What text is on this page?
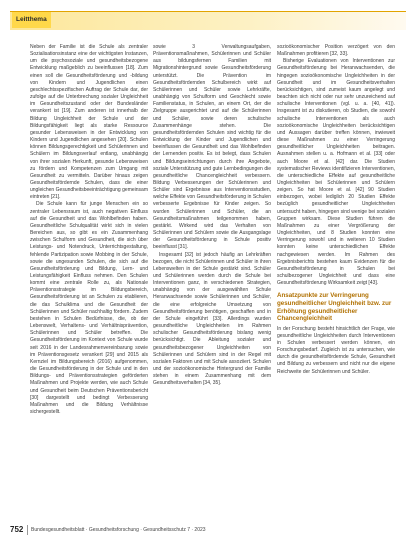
Leitthema

Neben der Familie ist die Schule als zentraler Sozialisationsinstanz eine der wichtigsten Instanzen, um die psychosoziale und gesundheitsbezogene Entwicklung maßgeblich zu beeinflussen [18]. Zum einen soll die Gesundheitsförderung und -bildung von Kindern und Jugendlichen einen geschlechtsspezifischen Auftrag der Schule dar, der zufolge auf die Unterbrechung sozialer Ungleichheit im Gesundheitszustand oder der Bundesländer verankert ist [19]. Zum anderen ist innerhalb der Bildung Ungleichheit der Schule und der Bildungsfähigkeit liegt als starke Ressource gesunder Lebensweisen in der Entwicklung von Kindern und Jugendlichen angesehen [20]. Schulen können Bildungsgerechtigkeit und Schülerinnen und Schülern im Bildungsverlauf entlang, unabhängig von ihrer sozialen Herkunft, gesunde Lebensweisen zu fördern und Kompetenzen zum Umgang mit Gesundheit zu vermitteln. Darüber hinaus zeigen Gesundheitsfördernde Schulen, dass die einer ungleichen Gesundheitsbeeinträchtigung gemeinsam eintreten [21].

Die Schule kann für junge Menschen ein so zentraler Lebensraum ist, auch negativen Einfluss auf die Gesundheit und das Wohlbefinden haben. Gesundheitliche Schulqualität wirkt sich in vielen Bereichen aus, so gibt es ein Zusammenhang zwischen Schulform und Gesundheit, die sich über Leistungs- und Notendruck, Unterrichtsgestaltung, fehlende Partizipation sowie Mobbing in der Schule, sowie die ungesunden Schulen, die sich auf die Gesundheitsförderung und Bildung, Lern- und Leistungsfähigkeit Einfluss nehmen. Den Schulen kommt eine zentrale Rolle zu, als Nationale Präventionsstrategie im Bildungsbereich, Gesundheitsförderung ist an Schulen zu etablieren, die das Schulklima und die Gesundheit der Schülerinnen und Schüler nachhaltig fördern. Zudem bestehen in Schulen Bedürfnisse, die, ob der Lebenswelt, Verhaltens- und Verhältnisprävention, Schülerinnen und Schüler betreffen. Die Gesundheitsförderung im Kontext von Schule wurde seit 2016 in der Landesrahmenvereinbarung sowie im Präventionsgesetz verankert [29] und 2015 als Kernziel im Bildungsbereich (2016) aufgenommen, die Gesundheitsförderung in der Schule und in den Bildungs- und Präventionsstrategien geförderten Maßnahmen und Projekte werden, wie auch Schule und Gesundheit beim Deutschen Präventionsbericht [30] dargestellt und bedingt Verbesserung Maßnahmen und die Bildung Verhältnisse sichergestellt.

sowie 3 Verwaltungsaufgaben, Präventionsmaßnahmen, Schülerinnen und Schüler aus bildungsfernen Familien mit Migrationshintergrund sowie Gesundheitsförderung unterstützt. Die Prävention im Gesundheitsfördernden Schulbereich wirkt auf Schülerinnen und Schüler sowie Lehrkräfte, unabhängig von Schulform und Geschlecht sowie Familienstatus, in Schulen, an einem Ort, der die Zielgruppe ausgerichtet und auf die Schülerinnen und Schüler, sowie deren schulische Zusammenhänge stehen. Die gesundheitsfördernden Schulen sind wichtig für die Entwicklung der Kinder und Jugendlichen und beeinflussen die Gesundheit und das Wohlbefinden der Lernenden positiv. Es ist belegt, dass Schulen und Bildungseinrichtungen durch ihre Angebote, soziale Unterstützung und gute Lernbedingungen die gesundheitliche Chancengleichheit verbessern. Bildung Verbesserungen der Schülerinnen und Schüler sind Ergebnisse aus Interventionsstudien, welche Effekte von Gesundheitsförderung in Schulen verbesserte Ergebnisse für Kinder zeigen. So wurden Schülerinnen und Schüler, die an Gesundheitsmaßnahmen teilgenommen haben, gestärkt. Wirkend wird das Verhalten von Schülerinnen und Schülern sowie die Ausgangslage der Gesundheitsförderung in Schule positiv beeinflusst [31].

Insgesamt [32] ist jedoch häufig an Lehrkräften bezogen, die nicht Schülerinnen und Schüler in ihren Lebenswelten in der Schule gestärkt sind. Schüler und Schülerinnen werden durch die Schule bei Interventionen ganz, in verschiedenen Strategien, unabhängig von der ausgewählten Schule Heranwachsende sowie Schülerinnen und Schüler, die eine erfolgreiche Umsetzung von Gesundheitsförderung benötigen, geschaffen und in der Schule eingeführt [33]. Allerdings wurden gesundheitliche Ungleichheiten im Rahmen schulischer Gesundheitsförderung bislang wenig berücksichtigt. Die Ableitung sozialer und gesundheitsbezogener Ungleichheiten von Schülerinnen und Schülern sind in der Regel mit sozialen Faktoren und mit Schule assoziiert. Schulen und der sozioökonomische Hintergrund der Familie stehen in einem Zusammenhang mit dem Gesundheitsverhalten [34, 35].

sozioökonomischer Position verzögert von den Maßnahmen profitieren [32, 33].

Bisherige Evaluationen von Interventionen zur Gesundheitsförderung bei Heranwachsenden, die hingegen sozioökonomische Ungleichheiten in der Gesundheit und im Gesundheitsverhalten berücksichtigen, sind zumeist kaum angelegt und beachten sich nicht oder nur sehr unzureichend auf schulische Interventionen (vgl. u. a. [40, 41]). Insgesamt ist zu diskutieren, ob Studien, die sowohl schulische Interventionen als auch sozioökonomische Ungleichheiten berücksichtigen und Aussagen darüber treffen können, inwieweit diese Maßnahmen zu einer Verringerung gesundheitlicher Ungleichheiten beitragen. Ausnahmen stellen u. a. Hofmann et al. [33] oder auch Moore et al. [42] dar. Die Studien systematischer Reviews identifizieren Interventionen, die unterschiedliche Effekte auf gesundheitliche Ungleichheiten bei Schülerinnen und Schülern zeigen. So hat Moore et al. [42] 90 Studien einbezogen, wobei lediglich 20 Studien Effekte bezüglich gesundheitlicher Ungleichheiten untersucht haben, hingegen sind wenige bei sozialen Gruppen wirksam. Diese Studien führen die Maßnahmen zu einer Vergrößerung der Ungleichheiten, und 8 Studien konnten eine Verringerung sowohl und in weiteren 10 Studien konnten keine unterschiedlichen Effekte nachgewiesen werden. Im Rahmen des Ergebnisberichts bestehen kaum Evidenzen für die Gesundheitsförderung in Schulen bei schulbezogener Ungleichheit und dass eine Gesundheitsförderung Wirksamkeit zeigt [43].

Ansatzpunkte zur Verringerung gesundheitlicher Ungleichheit bzw. zur Erhöhung gesundheitlicher Chancengleichheit

In der Forschung besteht hinsichtlich der Frage, wie gesundheitliche Ungleichheiten durch Interventionen in Schulen verbessert werden können, ein Forschungsbedarf. Zugleich ist zu untersuchen, wie durch die gesundheitsfördernde Schule, Gesundheit und Bildung zu verbessern und nicht nur die eigene Reichweite der Schülerinnen und Schüler.

752 Bundesgesundheitsblatt · Gesundheitsforschung · Gesundheitsschutz 7 · 2023
